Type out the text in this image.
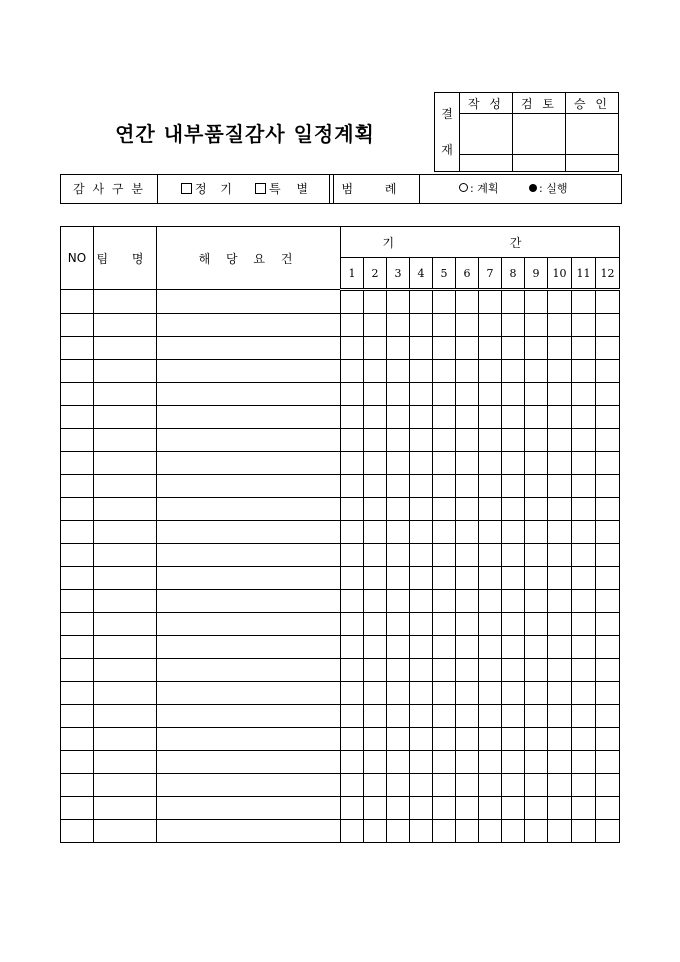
연간 내부품질감사 일정계획
결
재	작 성	검 토	승 인

감 사 구 분	정 기	특 별	범 례	: 계획	: 실행
NO	팀 명	해 당 요 건	기 간											
			1	2	3	4	5	6	7	8	9	10	11	12
